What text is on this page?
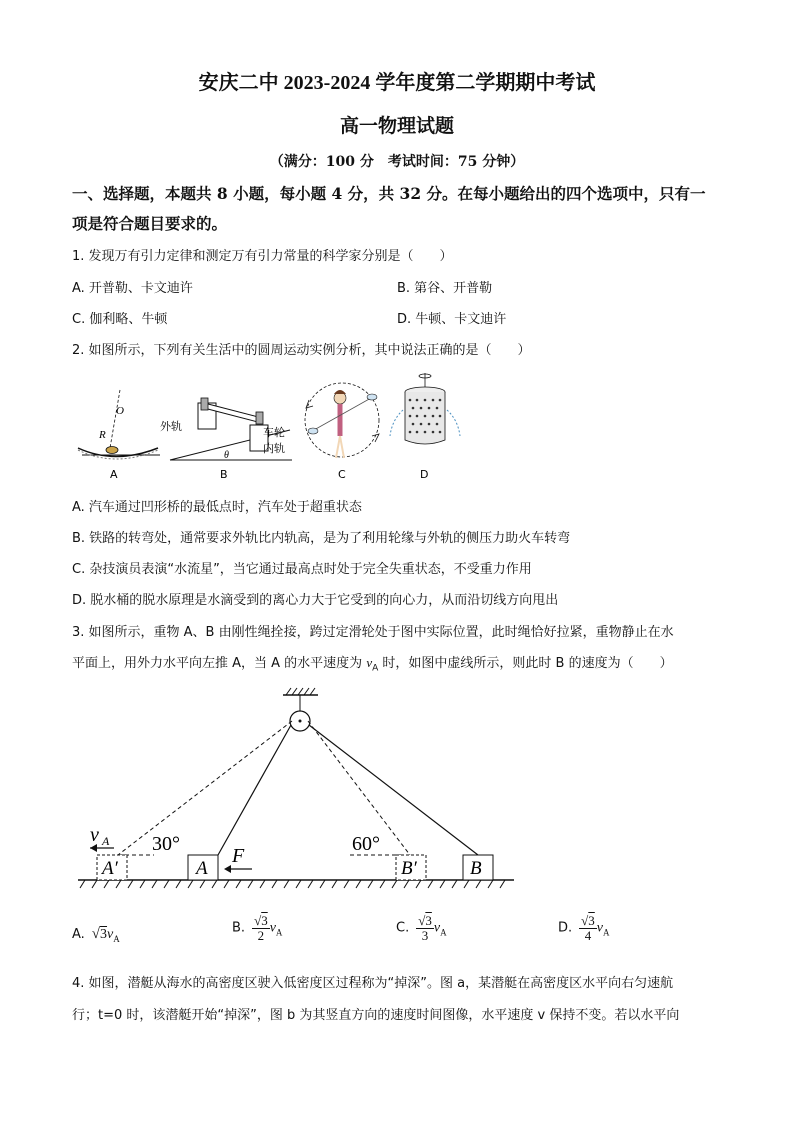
安庆二中 2023-2024 学年度第二学期期中考试
高一物理试题
（满分：100 分　考试时间：75 分钟）
一、选择题，本题共 8 小题，每小题 4 分，共 32 分。在每小题给出的四个选项中，只有一
项是符合题目要求的。
1. 发现万有引力定律和测定万有引力常量的科学家分别是（　　）
A. 开普勒、卡文迪许	B. 第谷、开普勒
C. 伽利略、牛顿	D. 牛顿、卡文迪许
2. 如图所示，下列有关生活中的圆周运动实例分析，其中说法正确的是（　　）
O
R
A
θ
外轨	车轮
内轨
B	C	D
A. 汽车通过凹形桥的最低点时，汽车处于超重状态
B. 铁路的转弯处，通常要求外轨比内轨高，是为了利用轮缘与外轨的侧压力助火车转弯
C. 杂技演员表演“水流星”，当它通过最高点时处于完全失重状态，不受重力作用
D. 脱水桶的脱水原理是水滴受到的离心力大于它受到的向心力，从而沿切线方向甩出
3. 如图所示，重物 A、B 由刚性绳拴接，跨过定滑轮处于图中实际位置，此时绳恰好拉紧，重物静止在水
平面上，用外力水平向左推 A，当 A 的水平速度为 $v_A$ 时，如图中虚线所示，则此时 B 的速度为（　　）
v A 30°	60°
A′	A
F
B′	B
A. $√3v_A$
B. $\frac{√3}{2} v_A$	C. $\frac{√3}{3} v_A$	D. $\frac{√3}{4} v_A$
4. 如图，潜艇从海水的高密度区驶入低密度区过程称为“掉深”。图 a，某潜艇在高密度区水平向右匀速航
行；t=0 时，该潜艇开始“掉深”，图 b 为其竖直方向的速度时间图像，水平速度 v 保持不变。若以水平向
